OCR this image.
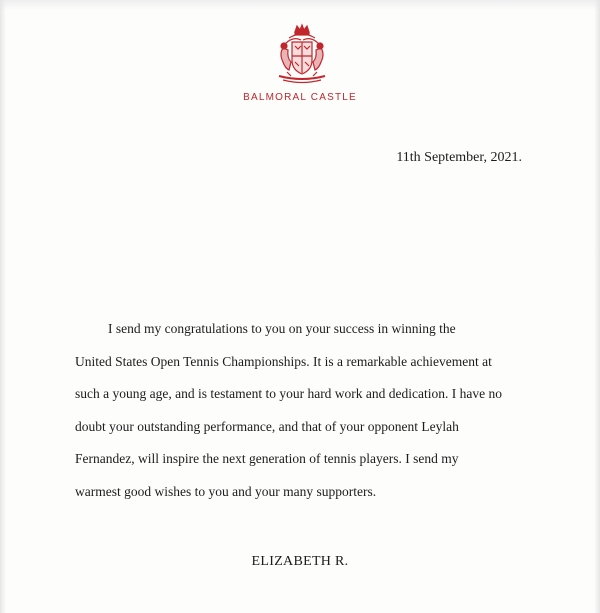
BALMORAL CASTLE
11th September, 2021.
I send my congratulations to you on your success in winning the
United States Open Tennis Championships. It is a remarkable achievement at
such a young age, and is testament to your hard work and dedication. I have no
doubt your outstanding performance, and that of your opponent Leylah
Fernandez, will inspire the next generation of tennis players. I send my
warmest good wishes to you and your many supporters.
ELIZABETH R.
